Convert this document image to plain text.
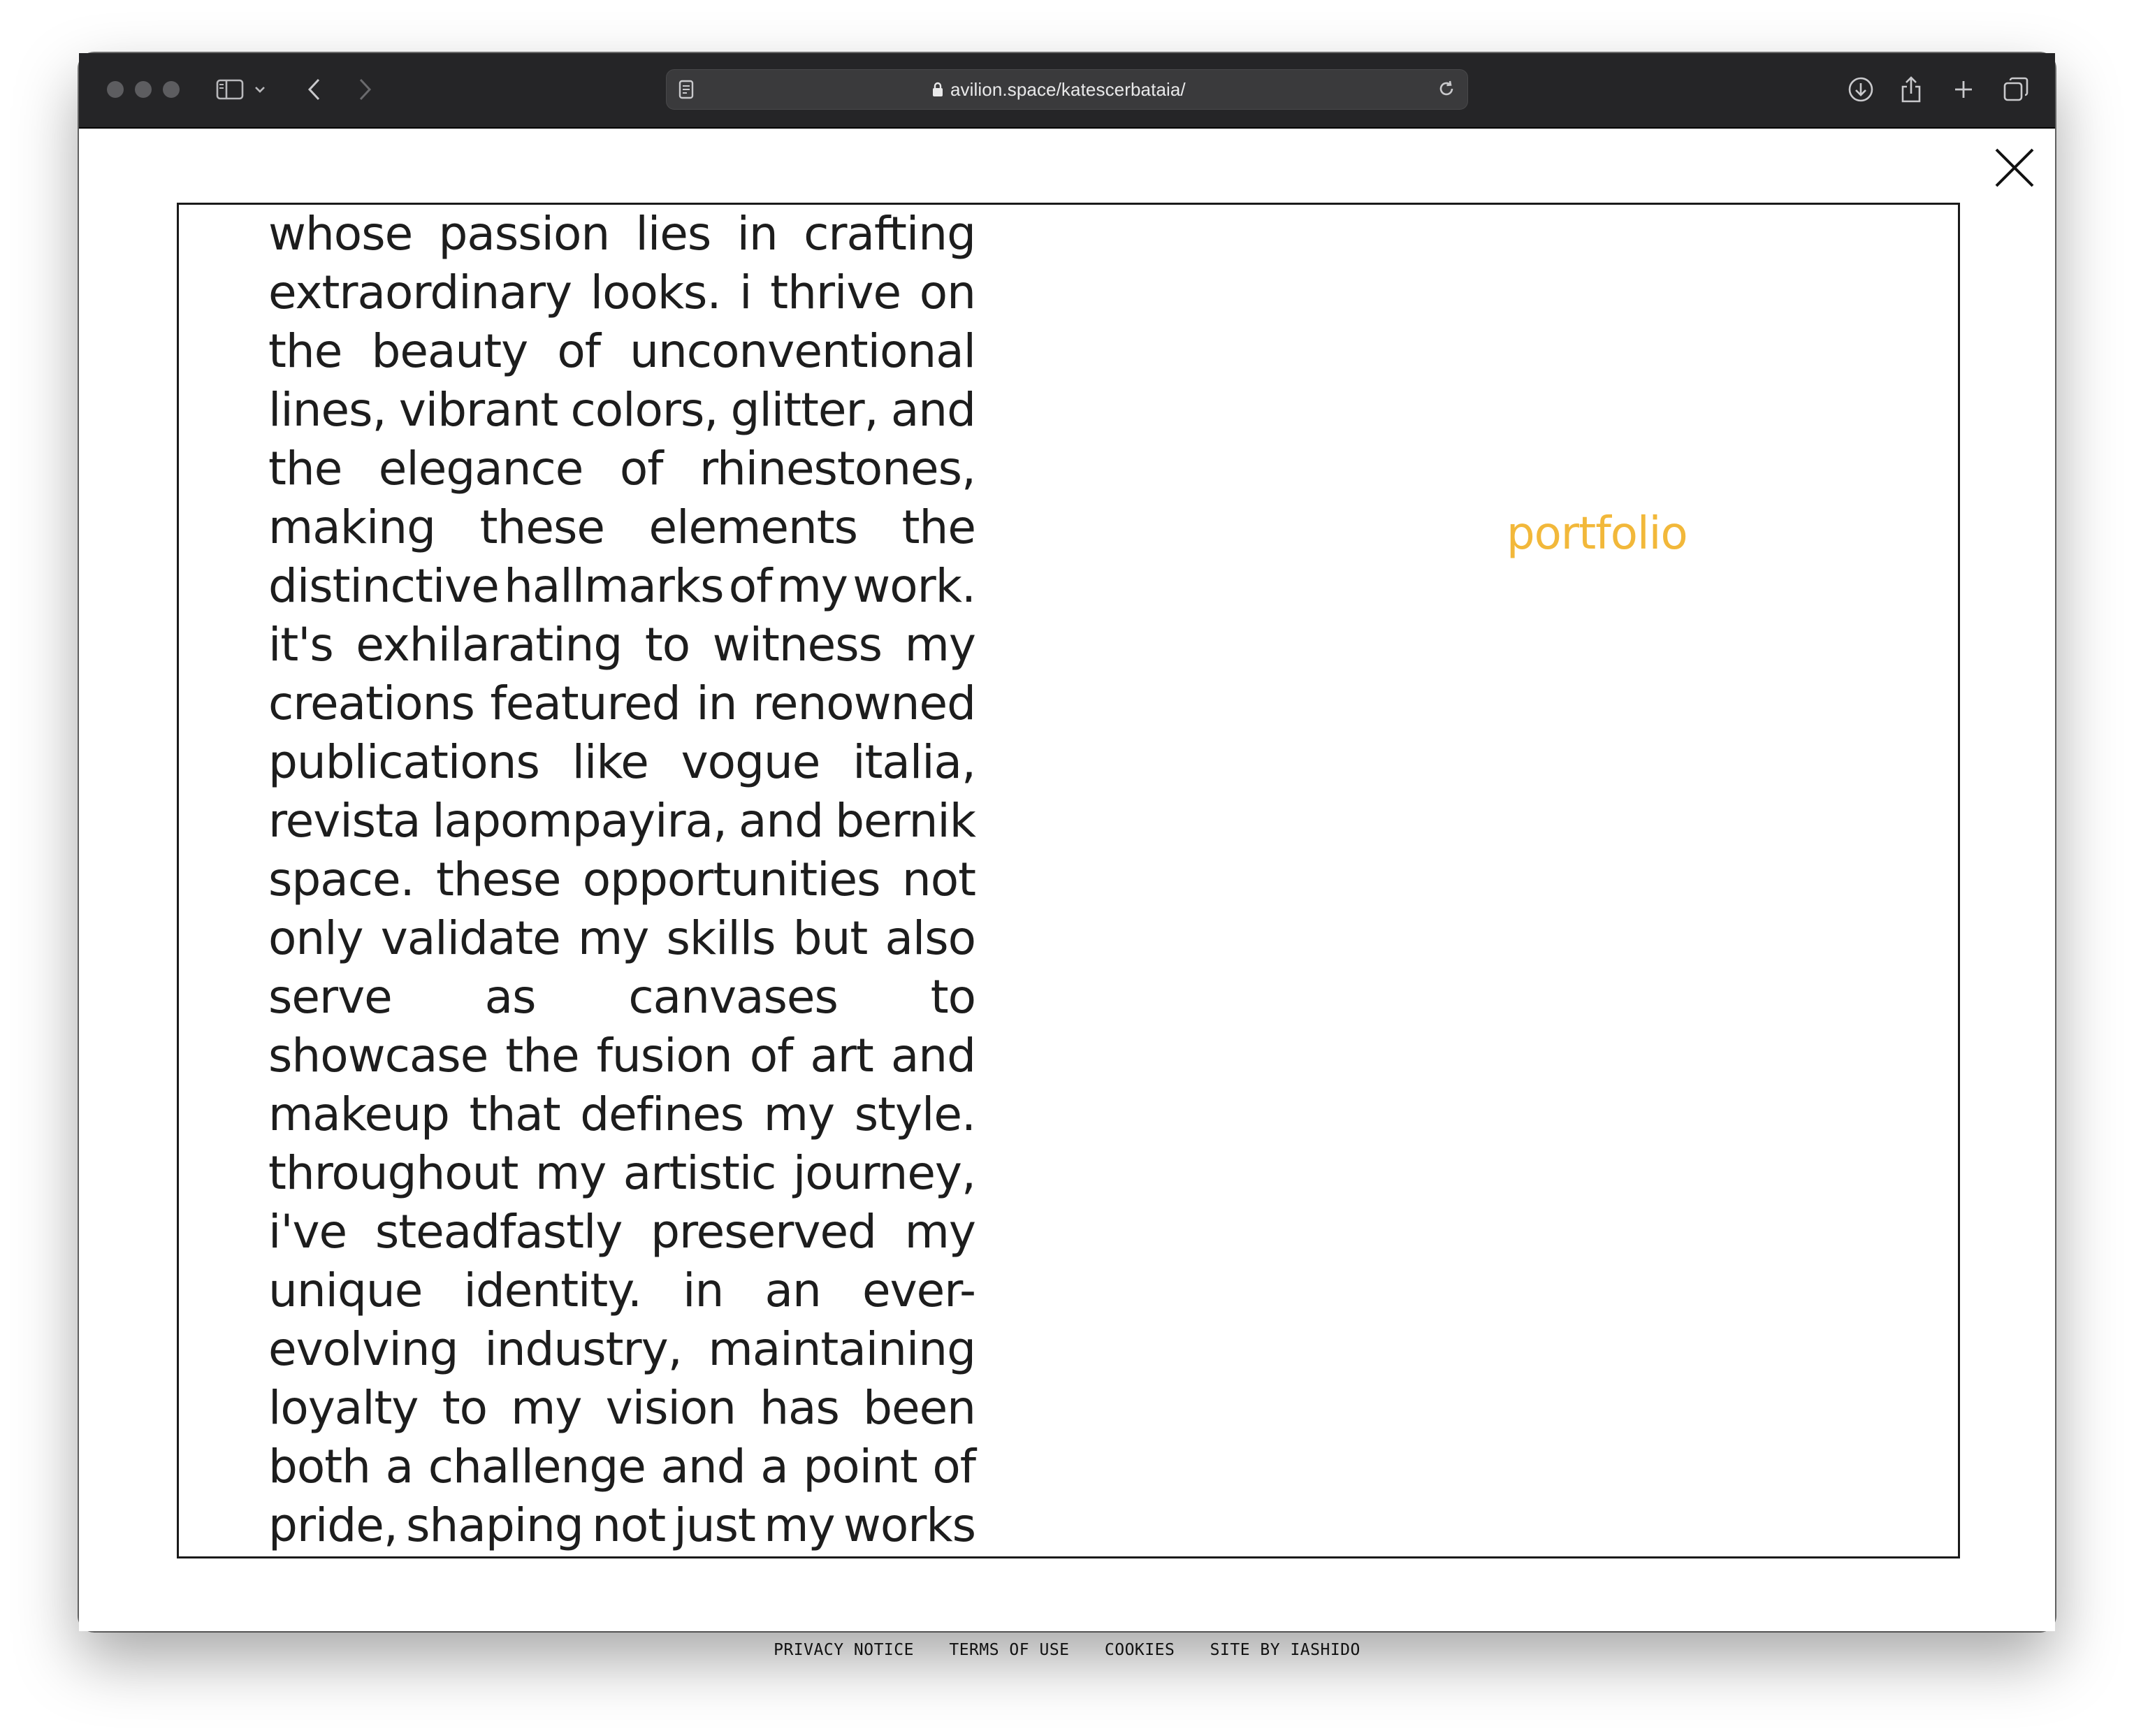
avilion.space/katescerbataia/
whose passion lies in crafting
extraordinary looks. i thrive on
the beauty of unconventional
lines, vibrant colors, glitter, and
the elegance of rhinestones,
making these elements the
distinctive hallmarks of my work.
it's exhilarating to witness my
creations featured in renowned
publications like vogue italia,
revista lapompayira, and bernik
space. these opportunities not
only validate my skills but also
serve as canvases to
showcase the fusion of art and
makeup that defines my style.
throughout my artistic journey,
i've steadfastly preserved my
unique identity. in an ever-
evolving industry, maintaining
loyalty to my vision has been
both a challenge and a point of
pride, shaping not just my works
portfolio
PRIVACY NOTICE TERMS OF USE COOKIES SITE BY IASHIDO
